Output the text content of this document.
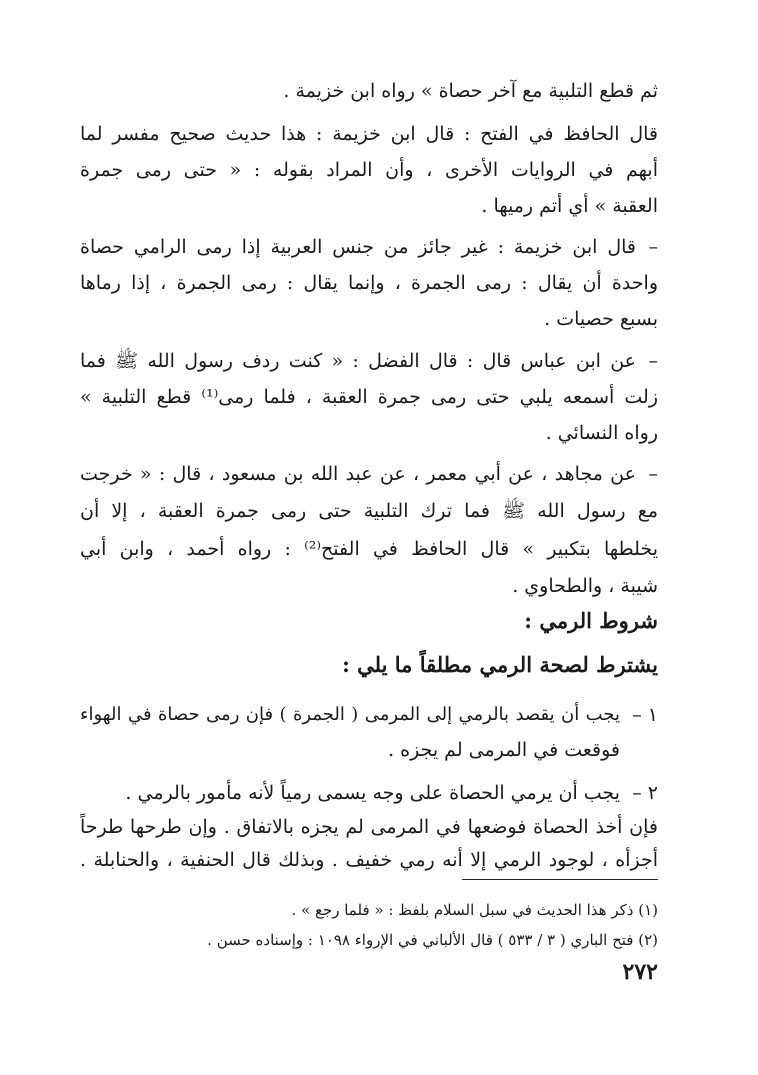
ثم قطع التلبية مع آخر حصاة » رواه ابن خزيمة .
قال الحافظ في الفتح : قال ابن خزيمة : هذا حديث صحيح مفسر لما
أبهم في الروايات الأخرى ، وأن المراد بقوله : « حتى رمى جمرة
العقبة » أي أتم رميها .
–
قال ابن خزيمة : غير جائز من جنس العربية إذا رمى الرامي حصاة
واحدة أن يقال : رمى الجمرة ، وإنما يقال : رمى الجمرة ، إذا رماها
بسبع حصيات .
–
عن ابن عباس قال : قال الفضل : « كنت ردف رسول الله ﷺ فما
زلت أسمعه يلبي حتى رمى جمرة العقبة ، فلما رمى⁽¹⁾ قطع التلبية »
رواه النسائي .
–
عن مجاهد ، عن أبي معمر ، عن عبد الله بن مسعود ، قال : « خرجت
مع رسول الله ﷺ فما ترك التلبية حتى رمى جمرة العقبة ، إلا أن
يخلطها بتكبير » قال الحافظ في الفتح⁽²⁾ : رواه أحمد ، وابن أبي
شيبة ، والطحاوي .
شروط الرمي :
يشترط لصحة الرمي مطلقاً ما يلي :
١ –
يجب أن يقصد بالرمي إلى المرمى ( الجمرة ) فإن رمى حصاة في الهواء
فوقعت في المرمى لم يجزه .
٢ –
يجب أن يرمي الحصاة على وجه يسمى رمياً لأنه مأمور بالرمي .
فإن أخذ الحصاة فوضعها في المرمى لم يجزه بالاتفاق . وإن طرحها طرحاً
أجزأه ، لوجود الرمي إلا أنه رمي خفيف . وبذلك قال الحنفية ، والحنابلة .
(١) ذكر هذا الحديث في سبل السلام بلفظ : « فلما رجع » .
(٢) فتح الباري ( ٣ / ٥٣٣ ) قال الألباني في الإرواء ١٠٩٨ : وإسناده حسن .
٢٧٢
